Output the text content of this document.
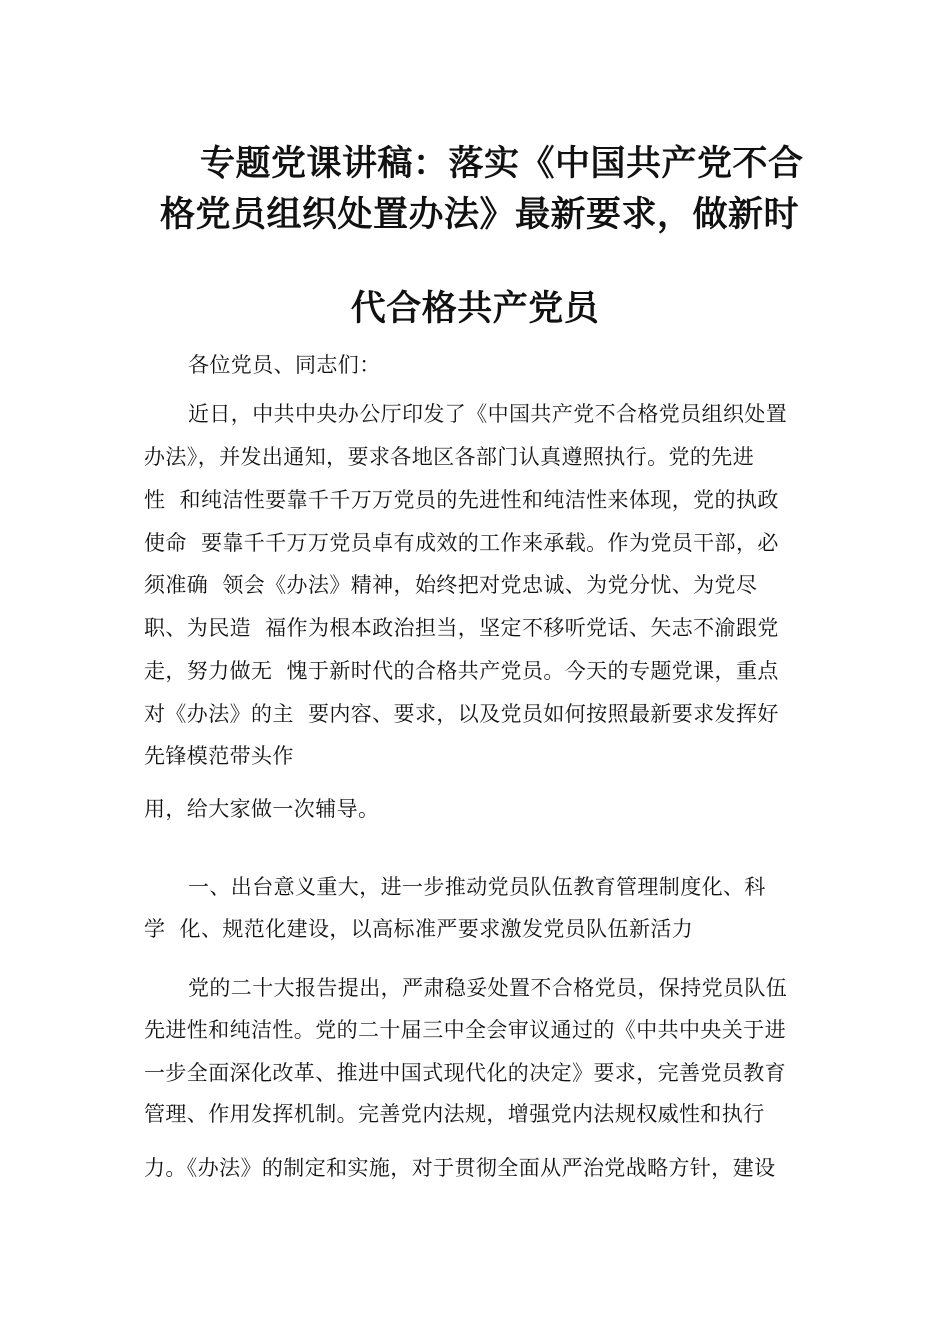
专题党课讲稿：落实《中国共产党不合
格党员组织处置办法》最新要求，做新时
代合格共产党员
各位党员、同志们：
近日，中共中央办公厅印发了《中国共产党不合格党员组织处置
办法》，并发出通知，要求各地区各部门认真遵照执行。党的先进
性  和纯洁性要靠千千万万党员的先进性和纯洁性来体现，党的执政
使命  要靠千千万万党员卓有成效的工作来承载。作为党员干部，必
须准确  领会《办法》精神，始终把对党忠诚、为党分忧、为党尽
职、为民造  福作为根本政治担当，坚定不移听党话、矢志不渝跟党
走，努力做无  愧于新时代的合格共产党员。今天的专题党课，重点
对《办法》的主  要内容、要求，以及党员如何按照最新要求发挥好
先锋模范带头作
用，给大家做一次辅导。
一、出台意义重大，进一步推动党员队伍教育管理制度化、科
学  化、规范化建设，以高标准严要求激发党员队伍新活力
党的二十大报告提出，严肃稳妥处置不合格党员，保持党员队伍
先进性和纯洁性。党的二十届三中全会审议通过的《中共中央关于进
一步全面深化改革、推进中国式现代化的决定》要求，完善党员教育
管理、作用发挥机制。完善党内法规，增强党内法规权威性和执行
力。《办法》的制定和实施，对于贯彻全面从严治党战略方针，建设
